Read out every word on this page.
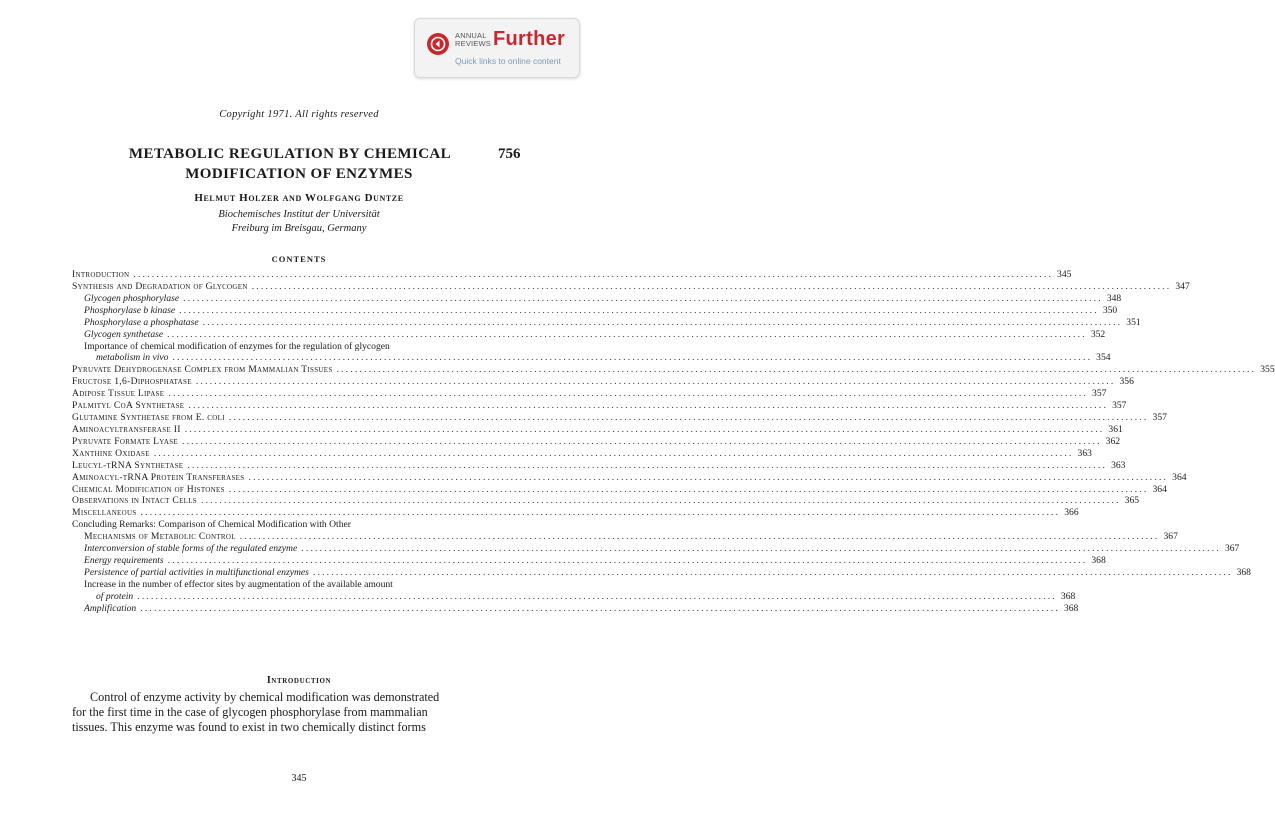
ANNUAL
REVIEWS Further
Quick links to online content
Copyright 1971. All rights reserved
METABOLIC REGULATION BY CHEMICAL	756
MODIFICATION OF ENZYMES
Helmut Holzer and Wolfgang Duntze
Biochemisches Institut der Universität
Freiburg im Breisgau, Germany
CONTENTS
Introduction ........................................................................................................................................................................................................ 345
Synthesis and Degradation of Glycogen ........................................................................................................................................................................................................ 347
Glycogen phosphorylase ........................................................................................................................................................................................................ 348
Phosphorylase b kinase ........................................................................................................................................................................................................ 350
Phosphorylase a phosphatase ........................................................................................................................................................................................................ 351
Glycogen synthetase ........................................................................................................................................................................................................ 352
Importance of chemical modification of enzymes for the regulation of glycogen
metabolism in vivo ........................................................................................................................................................................................................ 354
Pyruvate Dehydrogenase Complex from Mammalian Tissues ........................................................................................................................................................................................................ 355
Fructose 1,6-Diphosphatase ........................................................................................................................................................................................................ 356
Adipose Tissue Lipase ........................................................................................................................................................................................................ 357
Palmityl CoA Synthetase ........................................................................................................................................................................................................ 357
Glutamine Synthetase from E. coli ........................................................................................................................................................................................................ 357
Aminoacyltransferase II ........................................................................................................................................................................................................ 361
Pyruvate Formate Lyase ........................................................................................................................................................................................................ 362
Xanthine Oxidase ........................................................................................................................................................................................................ 363
Leucyl-tRNA Synthetase ........................................................................................................................................................................................................ 363
Aminoacyl-tRNA Protein Transferases ........................................................................................................................................................................................................ 364
Chemical Modification of Histones ........................................................................................................................................................................................................ 364
Observations in Intact Cells ........................................................................................................................................................................................................ 365
Miscellaneous ........................................................................................................................................................................................................ 366
Concluding Remarks: Comparison of Chemical Modification with Other
Mechanisms of Metabolic Control ........................................................................................................................................................................................................ 367
Interconversion of stable forms of the regulated enzyme ........................................................................................................................................................................................................ 367
Energy requirements ........................................................................................................................................................................................................ 368
Persistence of partial activities in multifunctional enzymes ........................................................................................................................................................................................................ 368
Increase in the number of effector sites by augmentation of the available amount
of protein ........................................................................................................................................................................................................ 368
Amplification ........................................................................................................................................................................................................ 368
Introduction
Control of enzyme activity by chemical modification was demonstrated
for the first time in the case of glycogen phosphorylase from mammalian
tissues. This enzyme was found to exist in two chemically distinct forms
345
